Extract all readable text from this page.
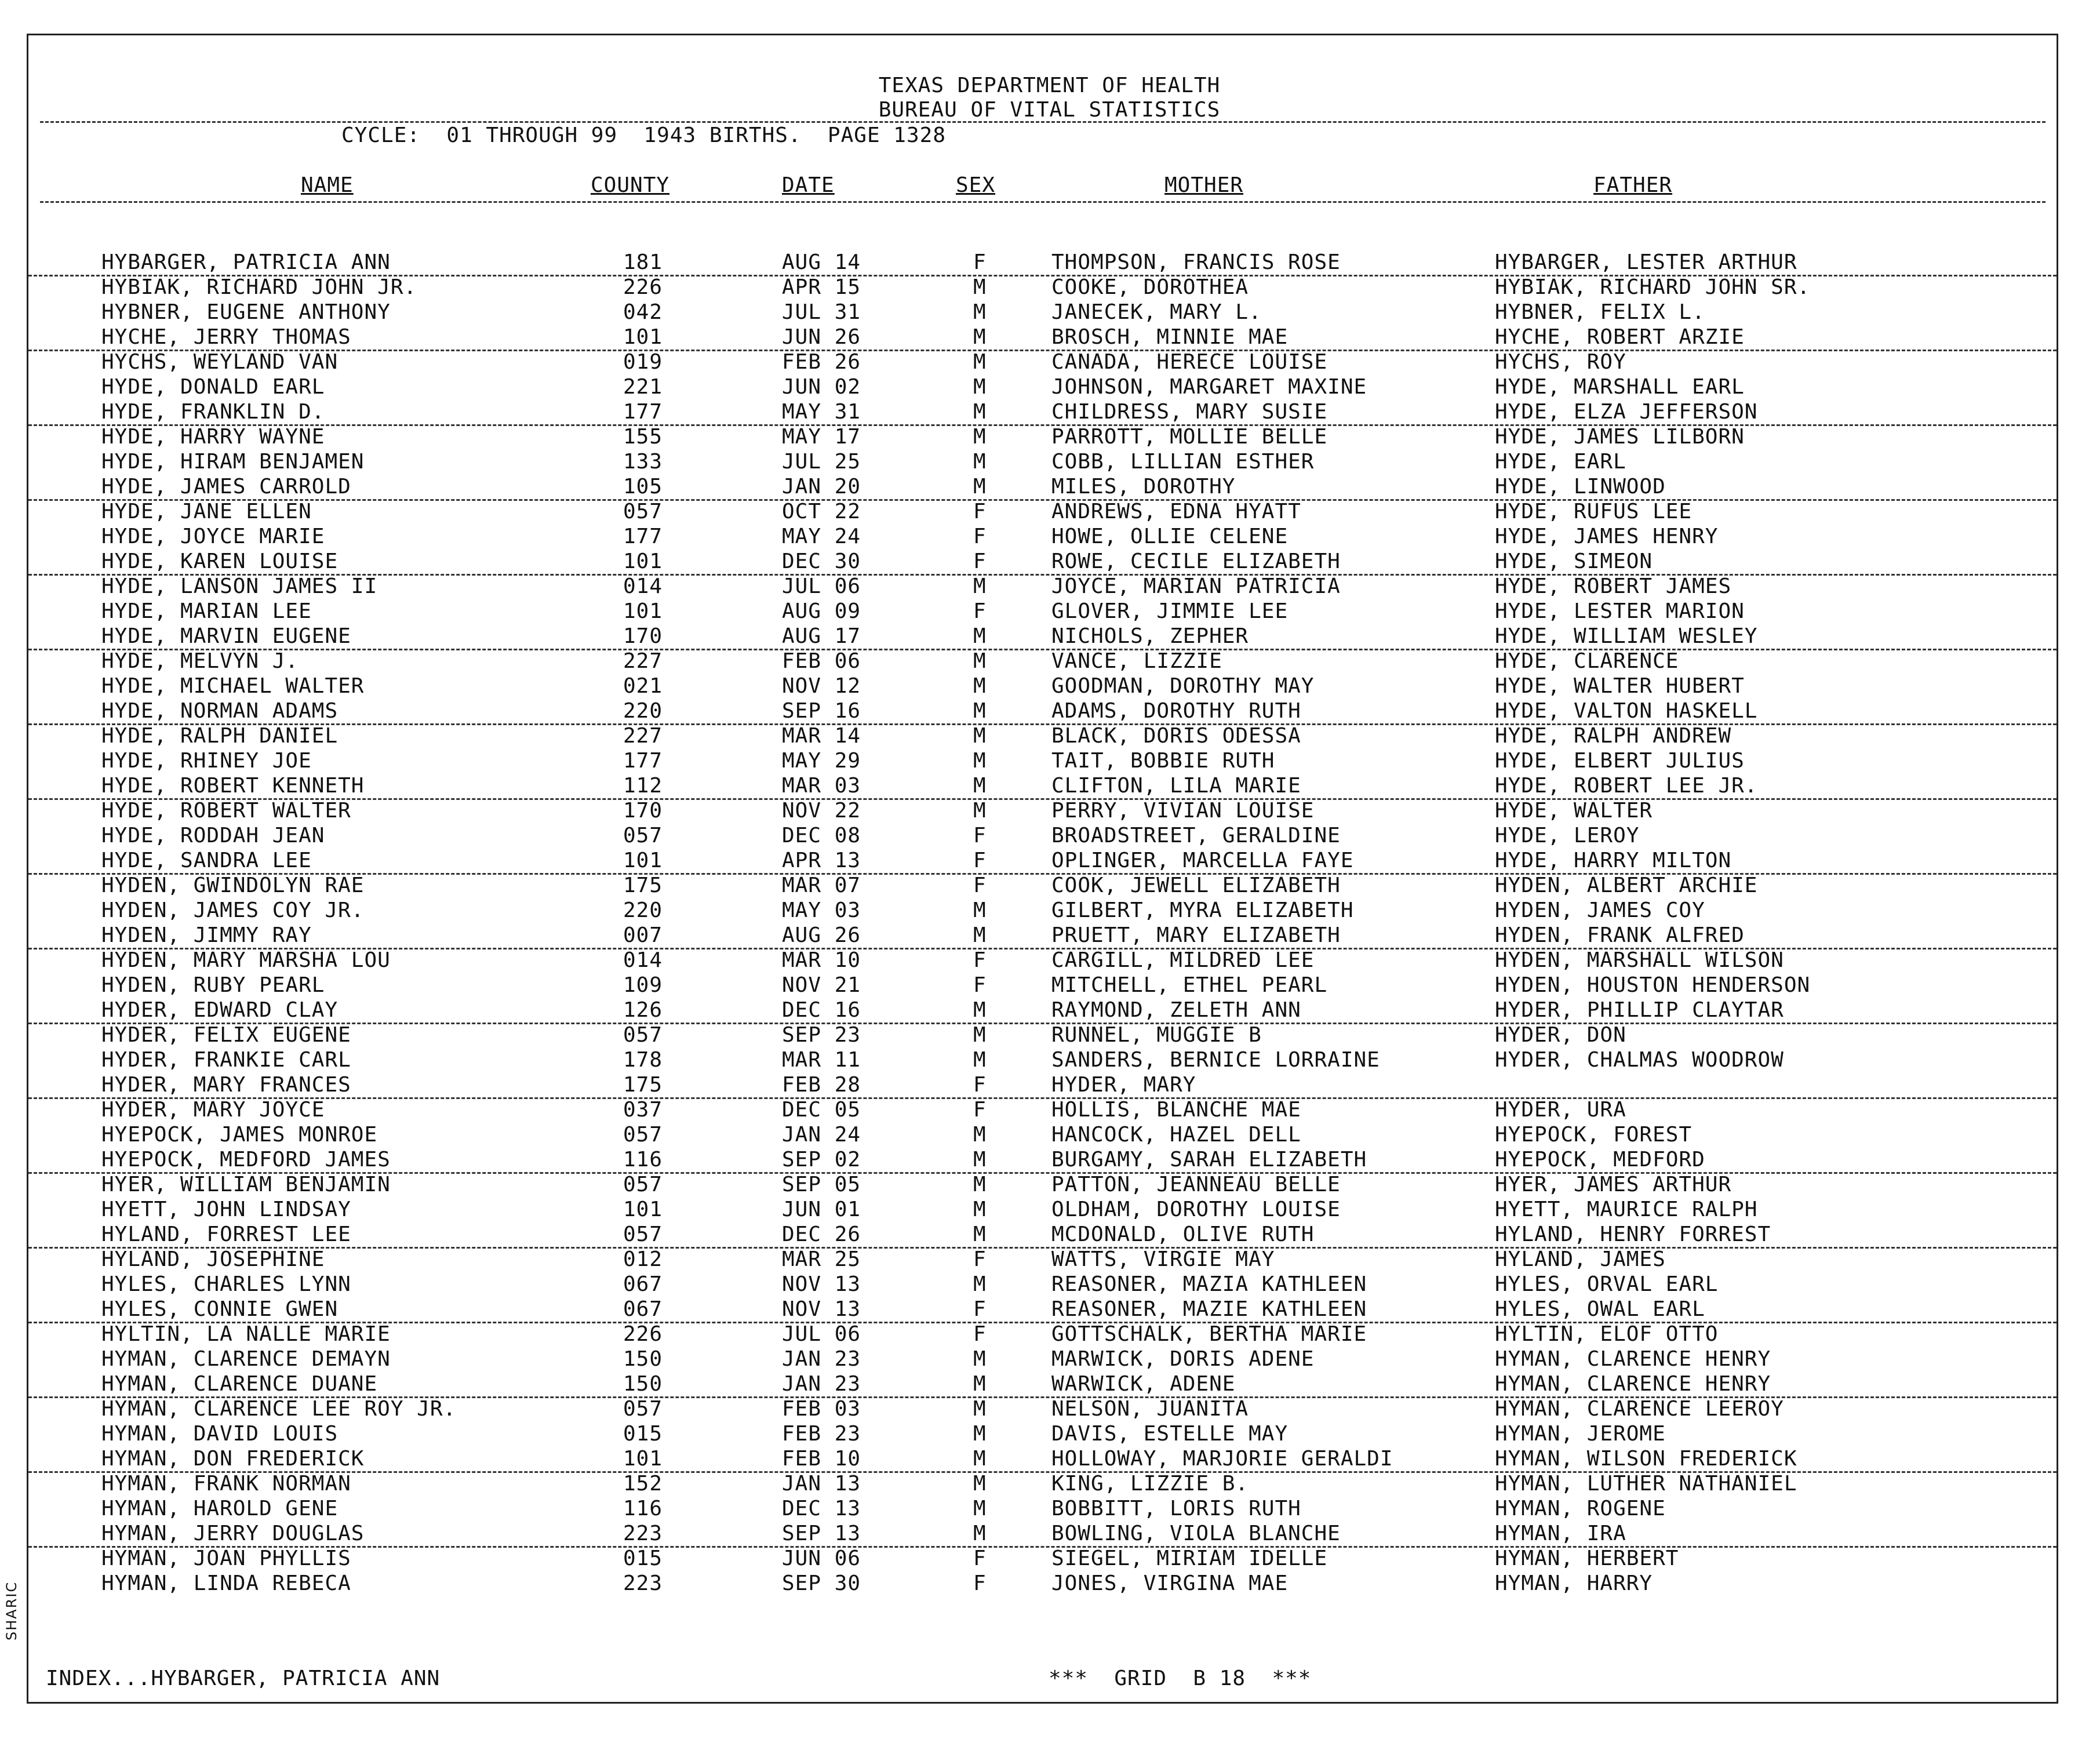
SHARIC
TEXAS DEPARTMENT OF HEALTH
BUREAU OF VITAL STATISTICS
CYCLE:  01 THROUGH 99  1943 BIRTHS.  PAGE 1328
NAME	COUNTY	DATE	SEX	MOTHER	FATHER
HYBARGER, PATRICIA ANN	181	AUG 14	F	THOMPSON, FRANCIS ROSE	HYBARGER, LESTER ARTHUR
HYBIAK, RICHARD JOHN JR.	226	APR 15	M	COOKE, DOROTHEA	HYBIAK, RICHARD JOHN SR.
HYBNER, EUGENE ANTHONY	042	JUL 31	M	JANECEK, MARY L.	HYBNER, FELIX L.
HYCHE, JERRY THOMAS	101	JUN 26	M	BROSCH, MINNIE MAE	HYCHE, ROBERT ARZIE
HYCHS, WEYLAND VAN	019	FEB 26	M	CANADA, HERECE LOUISE	HYCHS, ROY
HYDE, DONALD EARL	221	JUN 02	M	JOHNSON, MARGARET MAXINE	HYDE, MARSHALL EARL
HYDE, FRANKLIN D.	177	MAY 31	M	CHILDRESS, MARY SUSIE	HYDE, ELZA JEFFERSON
HYDE, HARRY WAYNE	155	MAY 17	M	PARROTT, MOLLIE BELLE	HYDE, JAMES LILBORN
HYDE, HIRAM BENJAMEN	133	JUL 25	M	COBB, LILLIAN ESTHER	HYDE, EARL
HYDE, JAMES CARROLD	105	JAN 20	M	MILES, DOROTHY	HYDE, LINWOOD
HYDE, JANE ELLEN	057	OCT 22	F	ANDREWS, EDNA HYATT	HYDE, RUFUS LEE
HYDE, JOYCE MARIE	177	MAY 24	F	HOWE, OLLIE CELENE	HYDE, JAMES HENRY
HYDE, KAREN LOUISE	101	DEC 30	F	ROWE, CECILE ELIZABETH	HYDE, SIMEON
HYDE, LANSON JAMES II	014	JUL 06	M	JOYCE, MARIAN PATRICIA	HYDE, ROBERT JAMES
HYDE, MARIAN LEE	101	AUG 09	F	GLOVER, JIMMIE LEE	HYDE, LESTER MARION
HYDE, MARVIN EUGENE	170	AUG 17	M	NICHOLS, ZEPHER	HYDE, WILLIAM WESLEY
HYDE, MELVYN J.	227	FEB 06	M	VANCE, LIZZIE	HYDE, CLARENCE
HYDE, MICHAEL WALTER	021	NOV 12	M	GOODMAN, DOROTHY MAY	HYDE, WALTER HUBERT
HYDE, NORMAN ADAMS	220	SEP 16	M	ADAMS, DOROTHY RUTH	HYDE, VALTON HASKELL
HYDE, RALPH DANIEL	227	MAR 14	M	BLACK, DORIS ODESSA	HYDE, RALPH ANDREW
HYDE, RHINEY JOE	177	MAY 29	M	TAIT, BOBBIE RUTH	HYDE, ELBERT JULIUS
HYDE, ROBERT KENNETH	112	MAR 03	M	CLIFTON, LILA MARIE	HYDE, ROBERT LEE JR.
HYDE, ROBERT WALTER	170	NOV 22	M	PERRY, VIVIAN LOUISE	HYDE, WALTER
HYDE, RODDAH JEAN	057	DEC 08	F	BROADSTREET, GERALDINE	HYDE, LEROY
HYDE, SANDRA LEE	101	APR 13	F	OPLINGER, MARCELLA FAYE	HYDE, HARRY MILTON
HYDEN, GWINDOLYN RAE	175	MAR 07	F	COOK, JEWELL ELIZABETH	HYDEN, ALBERT ARCHIE
HYDEN, JAMES COY JR.	220	MAY 03	M	GILBERT, MYRA ELIZABETH	HYDEN, JAMES COY
HYDEN, JIMMY RAY	007	AUG 26	M	PRUETT, MARY ELIZABETH	HYDEN, FRANK ALFRED
HYDEN, MARY MARSHA LOU	014	MAR 10	F	CARGILL, MILDRED LEE	HYDEN, MARSHALL WILSON
HYDEN, RUBY PEARL	109	NOV 21	F	MITCHELL, ETHEL PEARL	HYDEN, HOUSTON HENDERSON
HYDER, EDWARD CLAY	126	DEC 16	M	RAYMOND, ZELETH ANN	HYDER, PHILLIP CLAYTAR
HYDER, FELIX EUGENE	057	SEP 23	M	RUNNEL, MUGGIE B	HYDER, DON
HYDER, FRANKIE CARL	178	MAR 11	M	SANDERS, BERNICE LORRAINE	HYDER, CHALMAS WOODROW
HYDER, MARY FRANCES	175	FEB 28	F	HYDER, MARY
HYDER, MARY JOYCE	037	DEC 05	F	HOLLIS, BLANCHE MAE	HYDER, URA
HYEPOCK, JAMES MONROE	057	JAN 24	M	HANCOCK, HAZEL DELL	HYEPOCK, FOREST
HYEPOCK, MEDFORD JAMES	116	SEP 02	M	BURGAMY, SARAH ELIZABETH	HYEPOCK, MEDFORD
HYER, WILLIAM BENJAMIN	057	SEP 05	M	PATTON, JEANNEAU BELLE	HYER, JAMES ARTHUR
HYETT, JOHN LINDSAY	101	JUN 01	M	OLDHAM, DOROTHY LOUISE	HYETT, MAURICE RALPH
HYLAND, FORREST LEE	057	DEC 26	M	MCDONALD, OLIVE RUTH	HYLAND, HENRY FORREST
HYLAND, JOSEPHINE	012	MAR 25	F	WATTS, VIRGIE MAY	HYLAND, JAMES
HYLES, CHARLES LYNN	067	NOV 13	M	REASONER, MAZIA KATHLEEN	HYLES, ORVAL EARL
HYLES, CONNIE GWEN	067	NOV 13	F	REASONER, MAZIE KATHLEEN	HYLES, OWAL EARL
HYLTIN, LA NALLE MARIE	226	JUL 06	F	GOTTSCHALK, BERTHA MARIE	HYLTIN, ELOF OTTO
HYMAN, CLARENCE DEMAYN	150	JAN 23	M	MARWICK, DORIS ADENE	HYMAN, CLARENCE HENRY
HYMAN, CLARENCE DUANE	150	JAN 23	M	WARWICK, ADENE	HYMAN, CLARENCE HENRY
HYMAN, CLARENCE LEE ROY JR.	057	FEB 03	M	NELSON, JUANITA	HYMAN, CLARENCE LEEROY
HYMAN, DAVID LOUIS	015	FEB 23	M	DAVIS, ESTELLE MAY	HYMAN, JEROME
HYMAN, DON FREDERICK	101	FEB 10	M	HOLLOWAY, MARJORIE GERALDI	HYMAN, WILSON FREDERICK
HYMAN, FRANK NORMAN	152	JAN 13	M	KING, LIZZIE B.	HYMAN, LUTHER NATHANIEL
HYMAN, HAROLD GENE	116	DEC 13	M	BOBBITT, LORIS RUTH	HYMAN, ROGENE
HYMAN, JERRY DOUGLAS	223	SEP 13	M	BOWLING, VIOLA BLANCHE	HYMAN, IRA
HYMAN, JOAN PHYLLIS	015	JUN 06	F	SIEGEL, MIRIAM IDELLE	HYMAN, HERBERT
HYMAN, LINDA REBECA	223	SEP 30	F	JONES, VIRGINA MAE	HYMAN, HARRY
INDEX...HYBARGER, PATRICIA ANN	***  GRID  B 18  ***
